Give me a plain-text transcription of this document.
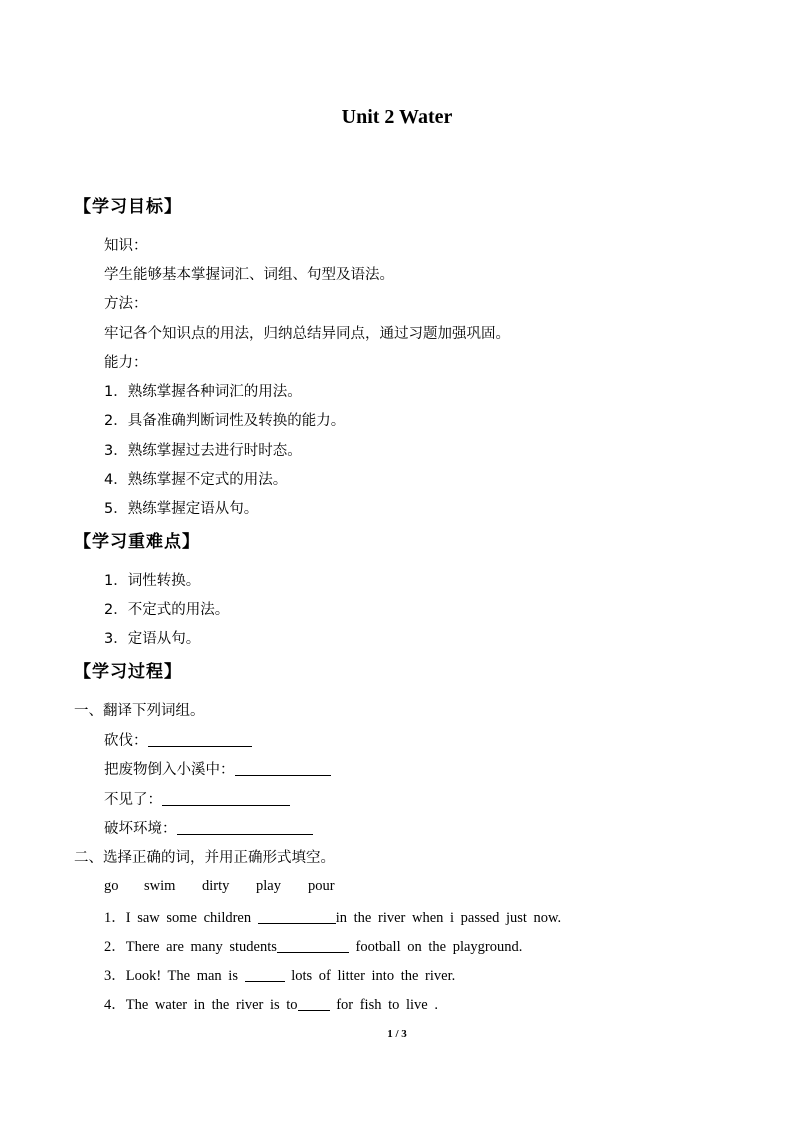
Unit 2 Water
【学习目标】
知识：
学生能够基本掌握词汇、词组、句型及语法。
方法：
牢记各个知识点的用法，归纳总结异同点，通过习题加强巩固。
能力：
1．熟练掌握各种词汇的用法。
2．具备准确判断词性及转换的能力。
3．熟练掌握过去进行时时态。
4．熟练掌握不定式的用法。
5．熟练掌握定语从句。
【学习重难点】
1．词性转换。
2．不定式的用法。
3．定语从句。
【学习过程】
一、翻译下列词组。
砍伐：
把废物倒入小溪中：
不见了：
破坏环境：
二、选择正确的词，并用正确形式填空。
go swim dirty play pour
1．I saw some children	in the river when i passed just now.
2．There are many students	football on the playground.
3．Look! The man is	lots of litter into the river.
4．The water in the river is to for fish to live .
1 / 3
